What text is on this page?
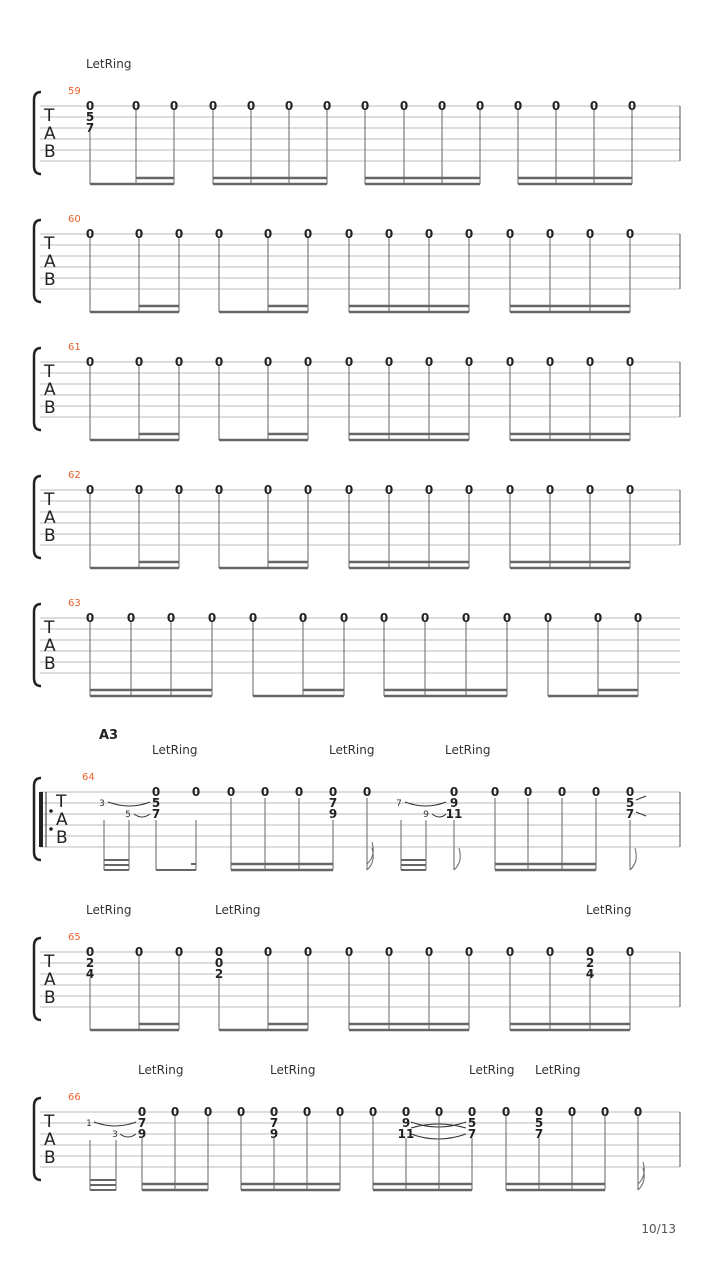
LetRing
59
T
A
B
0
5
7
0 0	0 0 0 0 0	0 0 0 0 0 0 0
60
T
A
B
0	0	0	0	0	0	0	0	0	0	0	0	0	0
61
T
A
B
0	0	0	0	0	0	0	0	0	0	0	0	0	0
62
T
A
B
0	0	0	0	0	0	0	0	0	0	0	0	0	0
63
T
A
B
0	0	0	0	0	0	0	0	0	0	0	0	0	0
A3
LetRing	LetRing	LetRing
64
T
A
B
3
5
7
9
0
5
7
0 0 0 0 0
7
9
0	0
9
11
0 0 0 0 0
5
7
LetRing	LetRing	LetRing
65
T
A
B
0
2
4
0	0	0
0
2
0	0	0	0	0	0	0	0	0
2
4
0
LetRing	LetRing	LetRing LetRing
66
T
A
B
1
3
0
7
9
0 0 0 0
7
9
0 0 0 0
9
11
0 0
5
7
0 0
5
7
0 0 0
10/13
